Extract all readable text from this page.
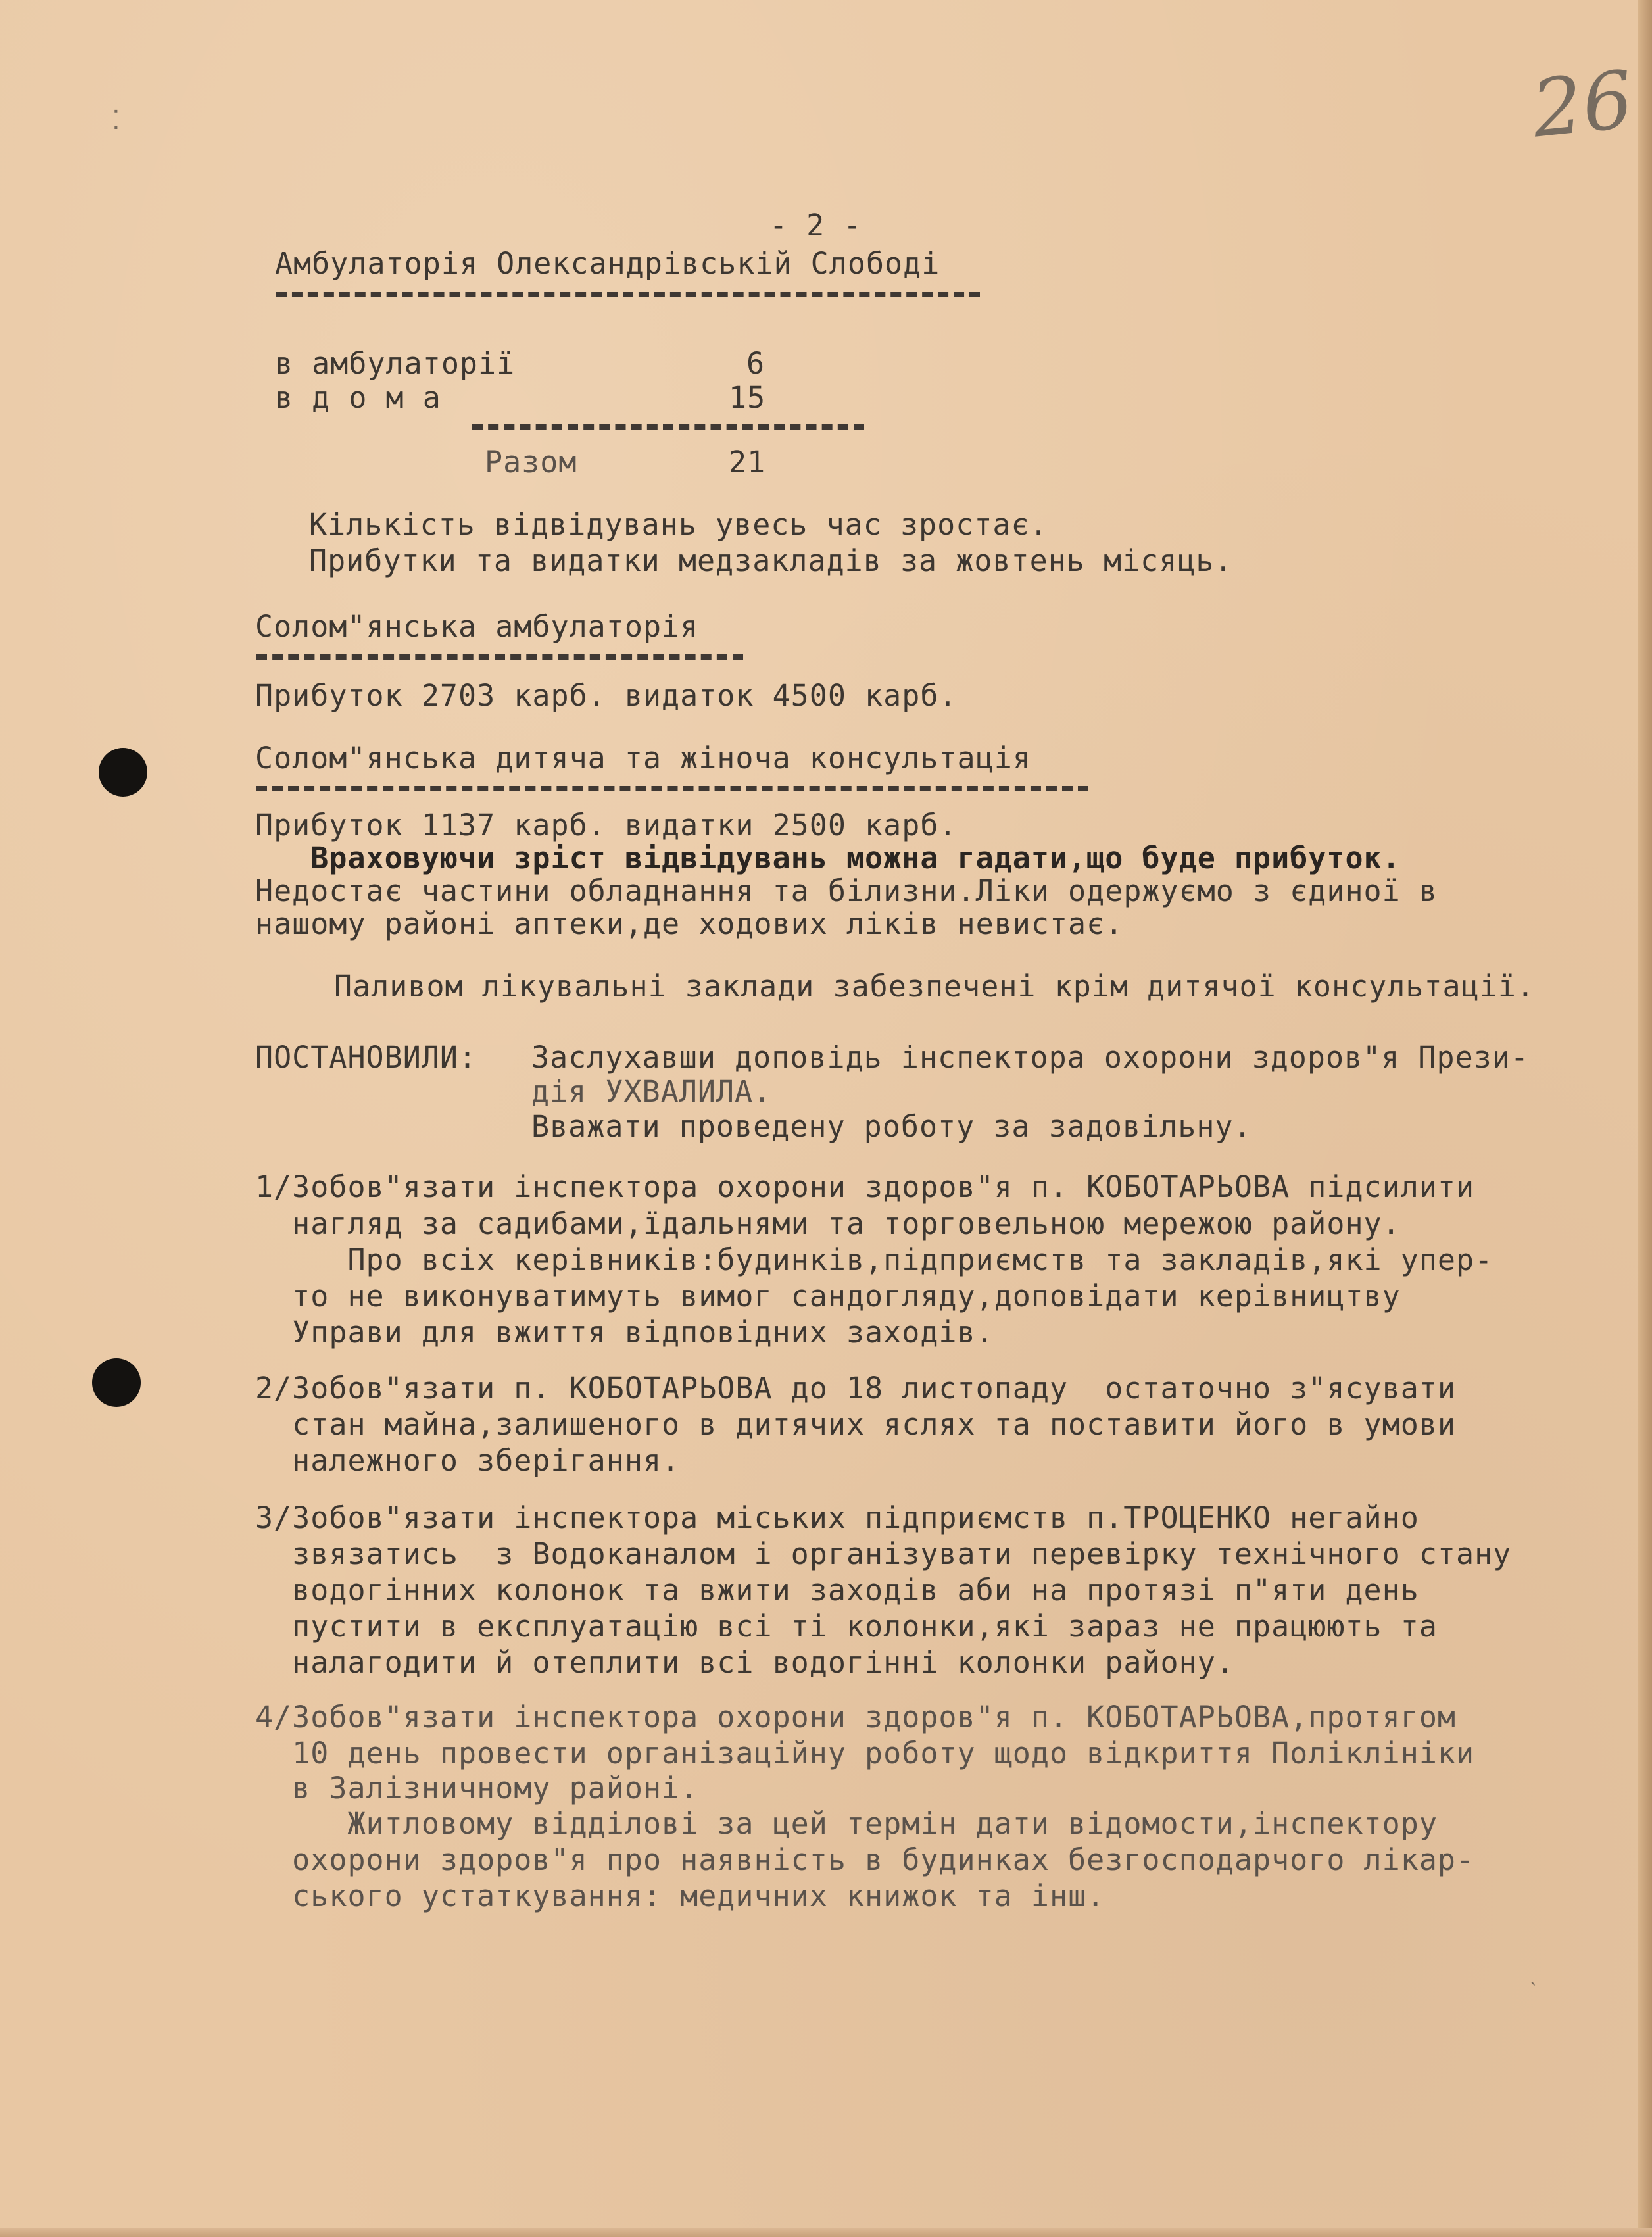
⁚
`
26
- 2 -
Амбулаторія Олександрівській Слободі
в амбулаторії	6
в д о м а	15
Разом	21
Кількість відвідувань увесь час зростає.
Прибутки та видатки медзакладів за жовтень місяць.
Солом"янська амбулаторія
Прибуток 2703 карб. видаток 4500 карб.
Солом"янська дитяча та жіноча консультація
Прибуток 1137 карб. видатки 2500 карб.
Враховуючи зріст відвідувань можна гадати,що буде прибуток.
Недостає частини обладнання та білизни.Ліки одержуємо з єдиної в
нашому районі аптеки,де ходових ліків невистає.
Паливом лікувальні заклади забезпечені крім дитячої консультації.
ПОСТАНОВИЛИ: Заслухавши доповідь інспектора охорони здоров"я Прези-
дія УХВАЛИЛА.
Вважати проведену роботу за задовільну.
1/Зобов"язати інспектора охорони здоров"я п. КОБОТАРЬОВА підсилити
нагляд за садибами,їдальнями та торговельною мережою району.
Про всіх керівників:будинків,підприємств та закладів,які упер-
то не виконуватимуть вимог сандогляду,доповідати керівництву
Управи для вжиття відповідних заходів.
2/Зобов"язати п. КОБОТАРЬОВА до 18 листопаду  остаточно з"ясувати
стан майна,залишеного в дитячих яслях та поставити його в умови
належного зберігання.
3/Зобов"язати інспектора міських підприємств п.ТРОЦЕНКО негайно
звязатись  з Водоканалом і організувати перевірку технічного стану
водогінних колонок та вжити заходів аби на протязі п"яти день
пустити в експлуатацію всі ті колонки,які зараз не працюють та
налагодити й отеплити всі водогінні колонки району.
4/Зобов"язати інспектора охорони здоров"я п. КОБОТАРЬОВА,протягом
10 день провести організаційну роботу щодо відкриття Поліклініки
в Залізничному районі.
Житловому відділові за цей термін дати відомости,інспектору
охорони здоров"я про наявність в будинках безгосподарчого лікар-
ського устаткування: медичних книжок та інш.
